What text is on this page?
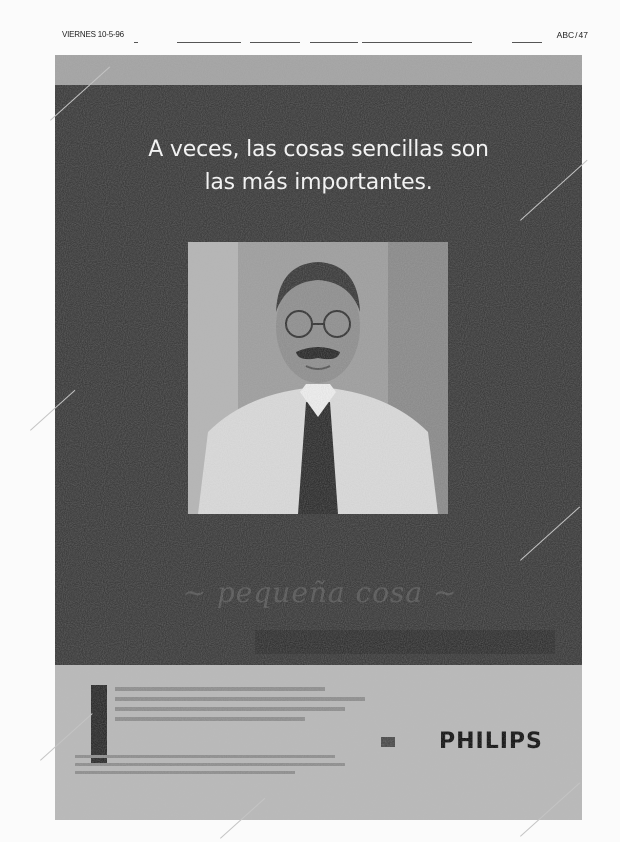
VIERNES 10-5-96	ABC/47
A veces, las cosas sencillas son
las más importantes.
